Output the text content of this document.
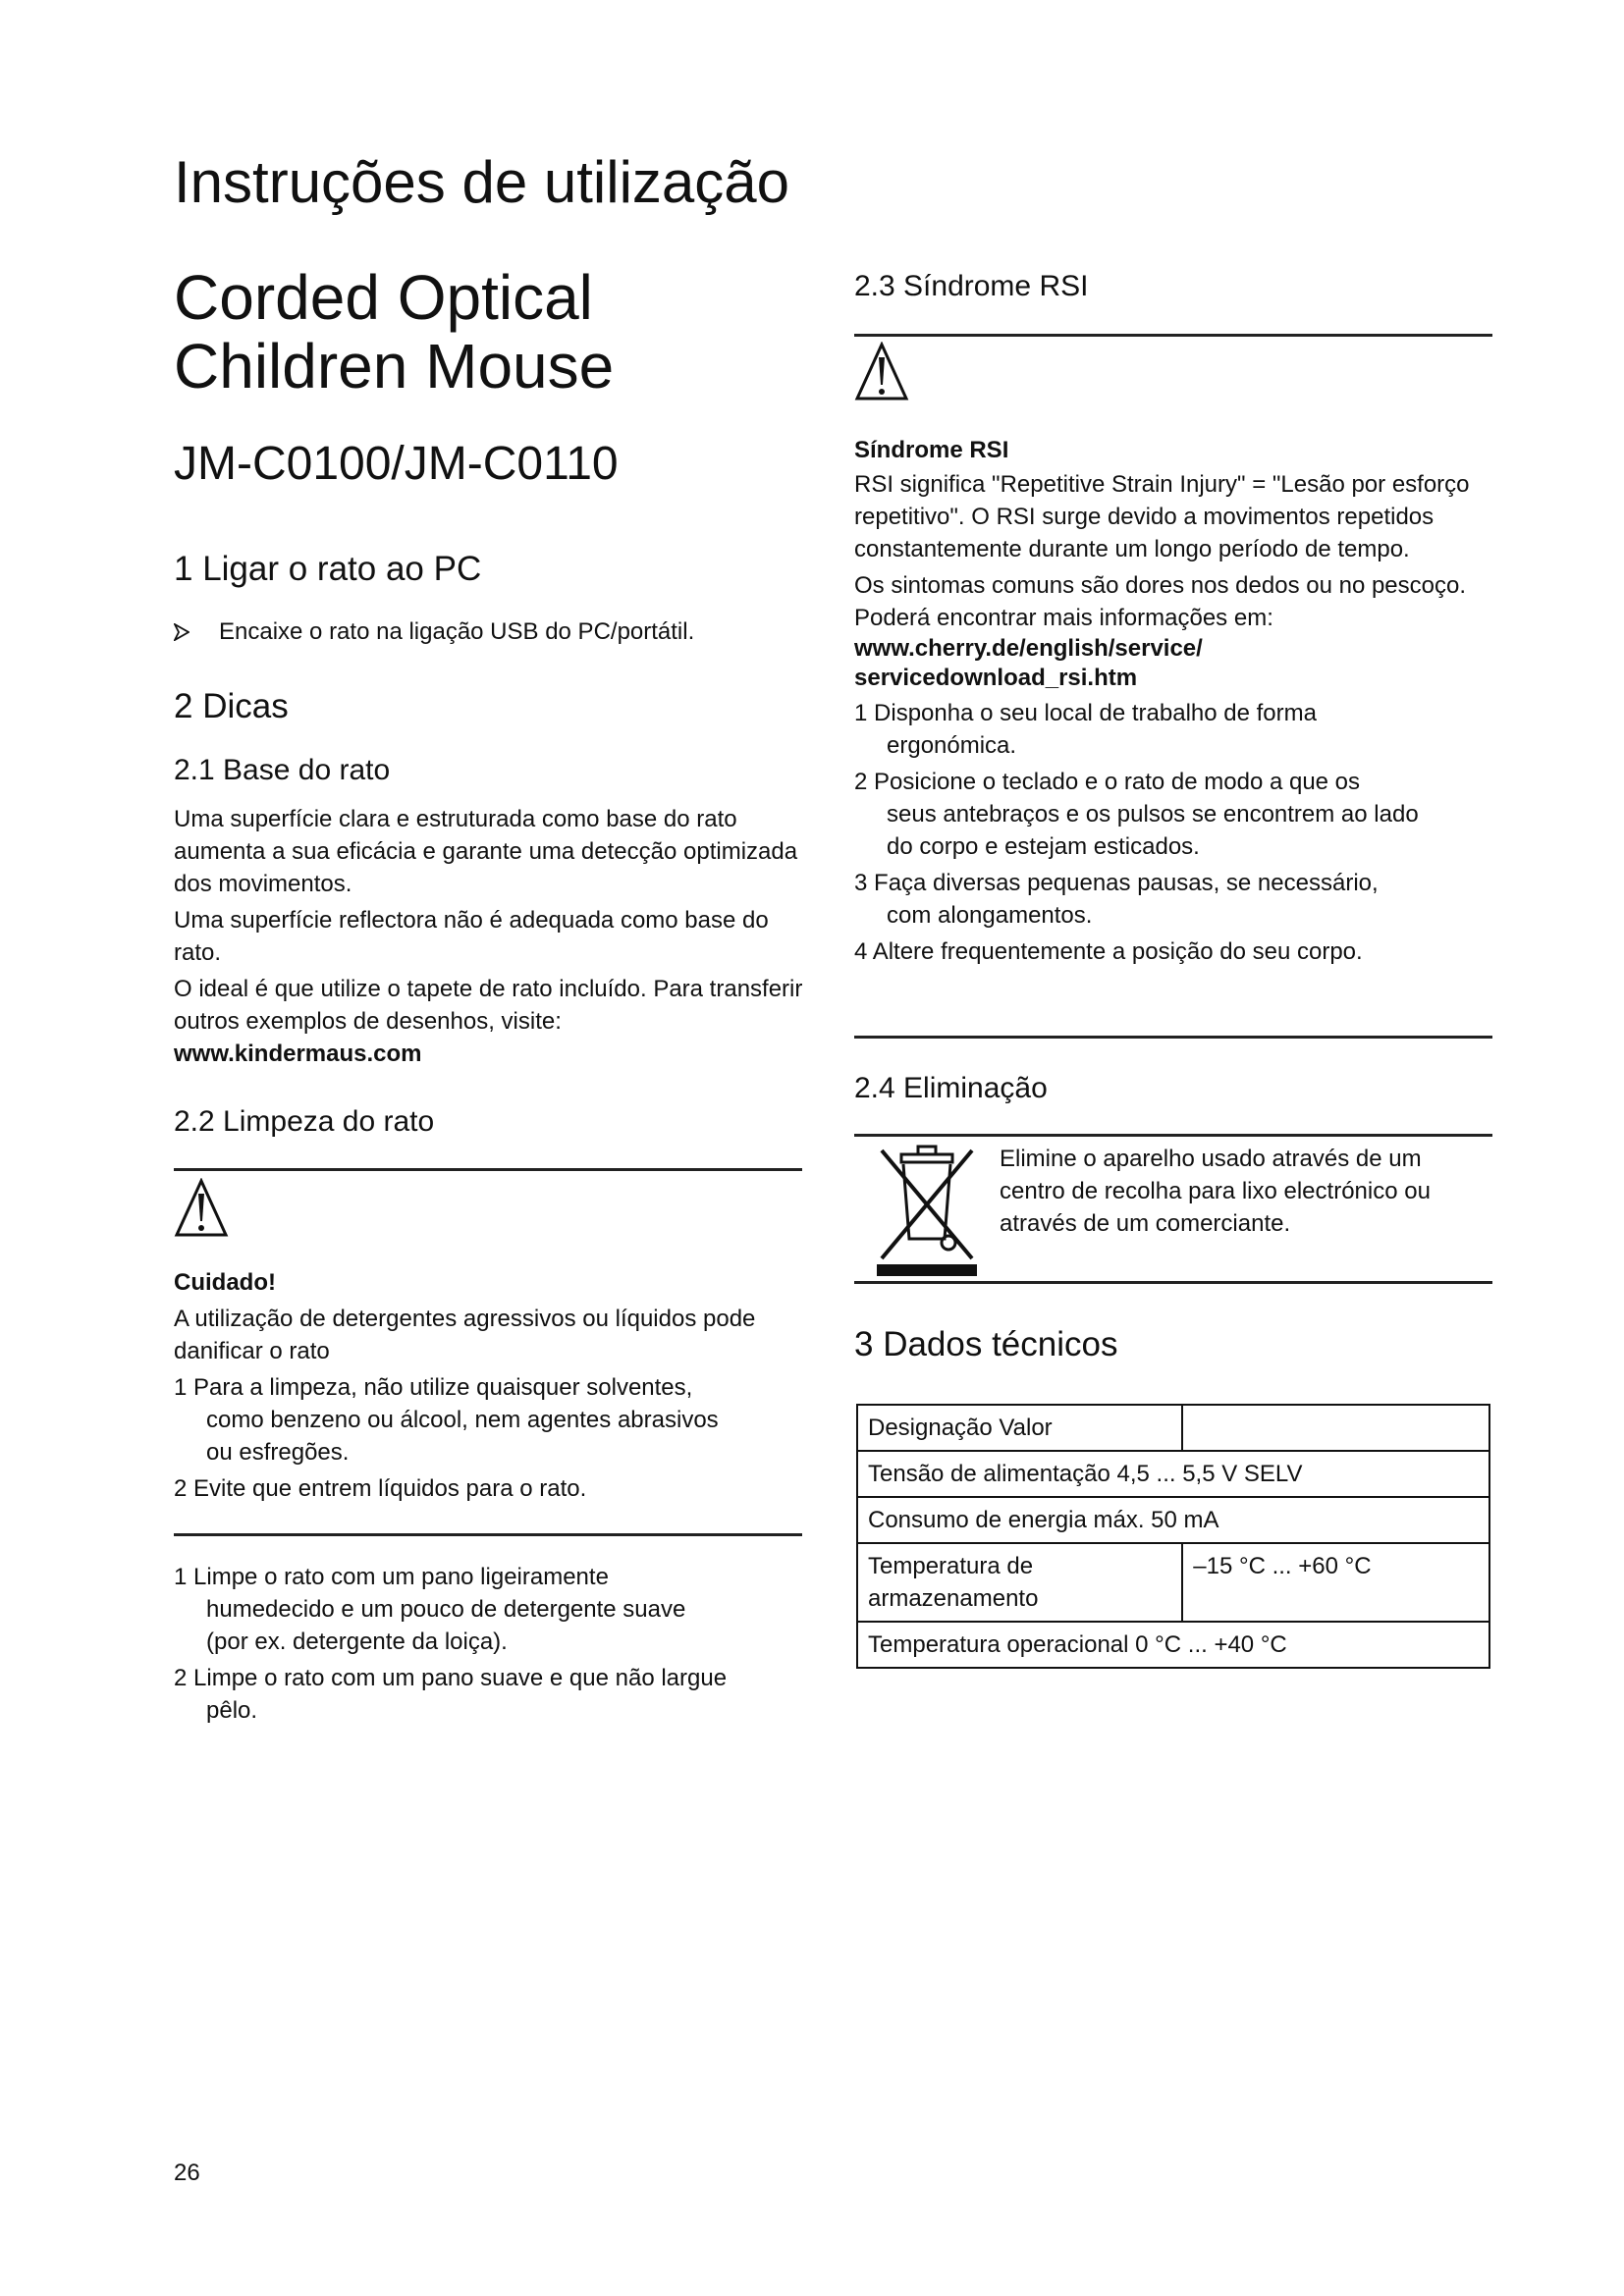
Instruções de utilização
Corded Optical
Children Mouse
JM-C0100/JM-C0110
1 Ligar o rato ao PC
Encaixe o rato na ligação USB do PC/portátil.
2 Dicas
2.1 Base do rato

Uma superfície clara e estruturada como base do rato aumenta a sua eficácia e garante uma detecção optimizada dos movimentos.

Uma superfície reflectora não é adequada como base do rato.

O ideal é que utilize o tapete de rato incluído. Para transferir outros exemplos de desenhos, visite:

www.kindermaus.com

2.2 Limpeza do rato

Cuidado!

A utilização de detergentes agressivos ou líquidos pode danificar o rato

1 Para a limpeza, não utilize quaisquer solventes,
como benzeno ou álcool, nem agentes abrasivos
ou esfregões.
2 Evite que entrem líquidos para o rato.
1 Limpe o rato com um pano ligeiramente
humedecido e um pouco de detergente suave
(por ex. detergente da loiça).
2 Limpe o rato com um pano suave e que não largue
pêlo.
2.3 Síndrome RSI

Síndrome RSI

RSI significa "Repetitive Strain Injury" = "Lesão por esforço repetitivo". O RSI surge devido a movimentos repetidos constantemente durante um longo período de tempo.

Os sintomas comuns são dores nos dedos ou no pescoço. Poderá encontrar mais informações em:

www.cherry.de/english/service/
servicedownload_rsi.htm

1 Disponha o seu local de trabalho de forma
ergonómica.
2 Posicione o teclado e o rato de modo a que os
seus antebraços e os pulsos se encontrem ao lado
do corpo e estejam esticados.
3 Faça diversas pequenas pausas, se necessário,
com alongamentos.
4 Altere frequentemente a posição do seu corpo.
2.4 Eliminação

Elimine o aparelho usado através de um centro de recolha para lixo electrónico ou através de um comerciante.

3 Dados técnicos
Designação Valor	
Tensão de alimentação 4,5 ... 5,5 V SELV	
Consumo de energia máx. 50 mA	
Temperatura de armazenamento	–15 °C ... +60 °C
Temperatura operacional 0 °C ... +40 °C	
26
